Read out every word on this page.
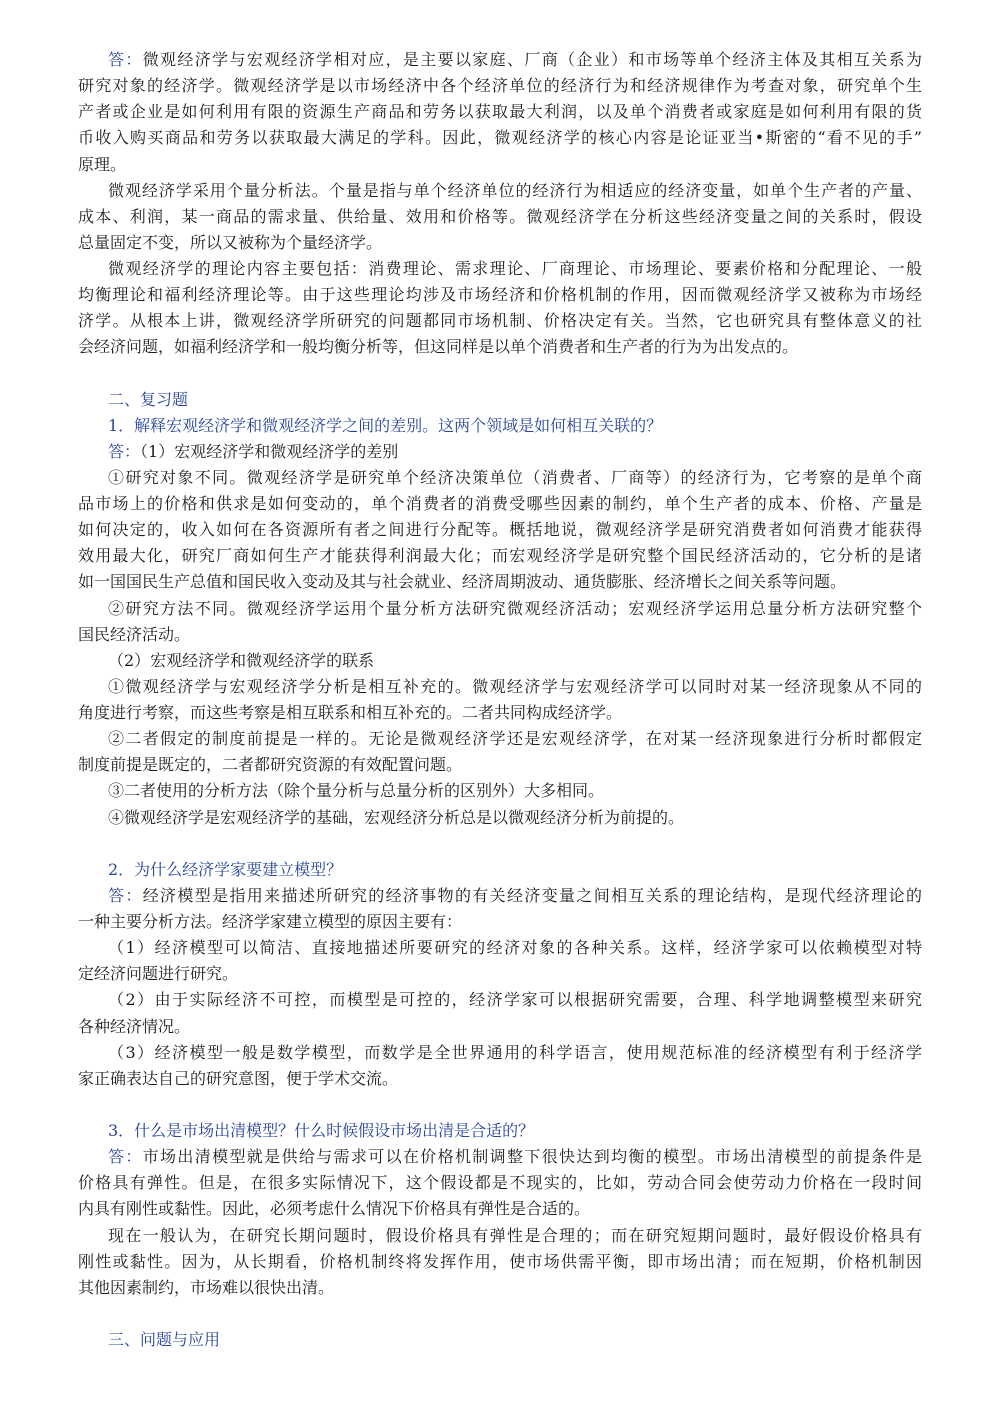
答：微观经济学与宏观经济学相对应，是主要以家庭、厂商（企业）和市场等单个经济主体及其相互关系为
研究对象的经济学。微观经济学是以市场经济中各个经济单位的经济行为和经济规律作为考查对象，研究单个生
产者或企业是如何利用有限的资源生产商品和劳务以获取最大利润，以及单个消费者或家庭是如何利用有限的货
币收入购买商品和劳务以获取最大满足的学科。因此，微观经济学的核心内容是论证亚当•斯密的“看不见的手”
原理。
微观经济学采用个量分析法。个量是指与单个经济单位的经济行为相适应的经济变量，如单个生产者的产量、
成本、利润，某一商品的需求量、供给量、效用和价格等。微观经济学在分析这些经济变量之间的关系时，假设
总量固定不变，所以又被称为个量经济学。
微观经济学的理论内容主要包括：消费理论、需求理论、厂商理论、市场理论、要素价格和分配理论、一般
均衡理论和福利经济理论等。由于这些理论均涉及市场经济和价格机制的作用，因而微观经济学又被称为市场经
济学。从根本上讲，微观经济学所研究的问题都同市场机制、价格决定有关。当然，它也研究具有整体意义的社
会经济问题，如福利经济学和一般均衡分析等，但这同样是以单个消费者和生产者的行为为出发点的。
二、复习题
1．解释宏观经济学和微观经济学之间的差别。这两个领域是如何相互关联的？
答：（1）宏观经济学和微观经济学的差别
①研究对象不同。微观经济学是研究单个经济决策单位（消费者、厂商等）的经济行为，它考察的是单个商
品市场上的价格和供求是如何变动的，单个消费者的消费受哪些因素的制约，单个生产者的成本、价格、产量是
如何决定的，收入如何在各资源所有者之间进行分配等。概括地说，微观经济学是研究消费者如何消费才能获得
效用最大化，研究厂商如何生产才能获得利润最大化；而宏观经济学是研究整个国民经济活动的，它分析的是诸
如一国国民生产总值和国民收入变动及其与社会就业、经济周期波动、通货膨胀、经济增长之间关系等问题。
②研究方法不同。微观经济学运用个量分析方法研究微观经济活动；宏观经济学运用总量分析方法研究整个
国民经济活动。
（2）宏观经济学和微观经济学的联系
①微观经济学与宏观经济学分析是相互补充的。微观经济学与宏观经济学可以同时对某一经济现象从不同的
角度进行考察，而这些考察是相互联系和相互补充的。二者共同构成经济学。
②二者假定的制度前提是一样的。无论是微观经济学还是宏观经济学，在对某一经济现象进行分析时都假定
制度前提是既定的，二者都研究资源的有效配置问题。
③二者使用的分析方法（除个量分析与总量分析的区别外）大多相同。
④微观经济学是宏观经济学的基础，宏观经济分析总是以微观经济分析为前提的。
2．为什么经济学家要建立模型？
答：经济模型是指用来描述所研究的经济事物的有关经济变量之间相互关系的理论结构，是现代经济理论的
一种主要分析方法。经济学家建立模型的原因主要有：
（1）经济模型可以简洁、直接地描述所要研究的经济对象的各种关系。这样，经济学家可以依赖模型对特
定经济问题进行研究。
（2）由于实际经济不可控，而模型是可控的，经济学家可以根据研究需要，合理、科学地调整模型来研究
各种经济情况。
（3）经济模型一般是数学模型，而数学是全世界通用的科学语言，使用规范标准的经济模型有利于经济学
家正确表达自己的研究意图，便于学术交流。
3．什么是市场出清模型？什么时候假设市场出清是合适的？
答：市场出清模型就是供给与需求可以在价格机制调整下很快达到均衡的模型。市场出清模型的前提条件是
价格具有弹性。但是，在很多实际情况下，这个假设都是不现实的，比如，劳动合同会使劳动力价格在一段时间
内具有刚性或黏性。因此，必须考虑什么情况下价格具有弹性是合适的。
现在一般认为，在研究长期问题时，假设价格具有弹性是合理的；而在研究短期问题时，最好假设价格具有
刚性或黏性。因为，从长期看，价格机制终将发挥作用，使市场供需平衡，即市场出清；而在短期，价格机制因
其他因素制约，市场难以很快出清。
三、问题与应用
